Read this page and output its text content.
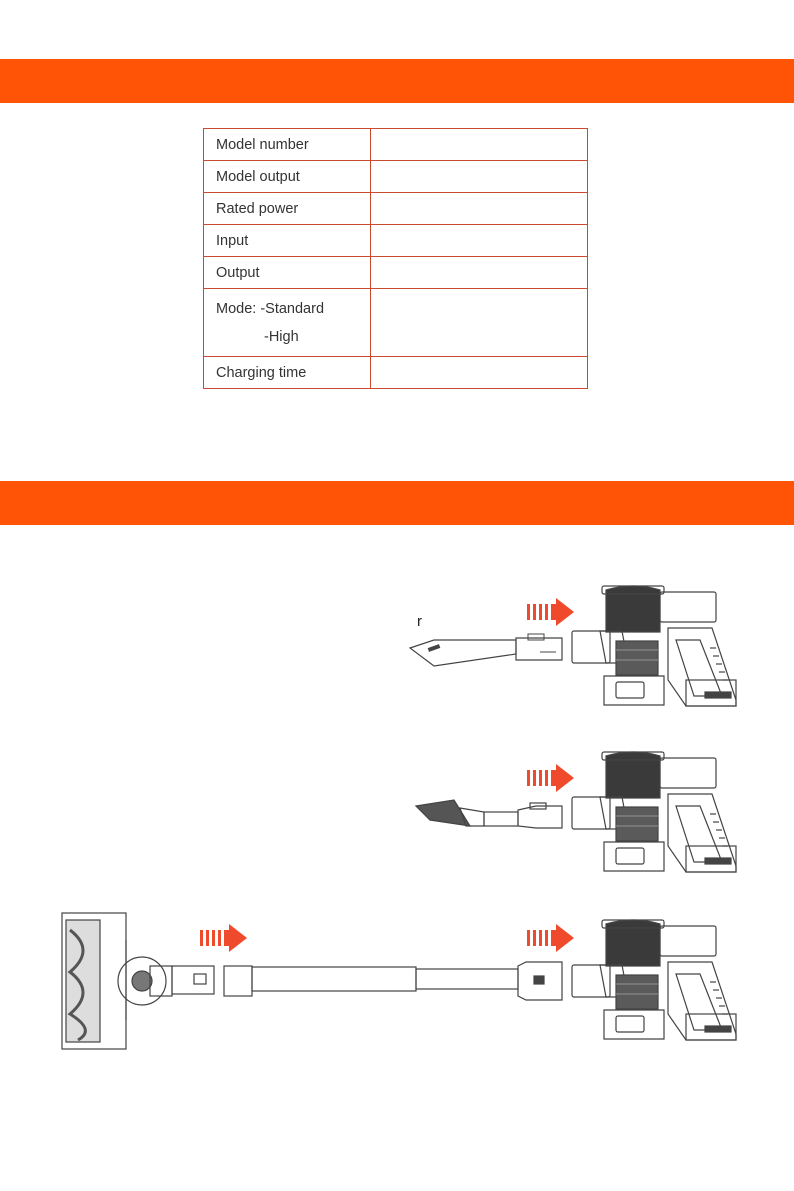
Model number	
Model output	
Rated power	
Input	
Output	

Mode: -Standard
-High	

Charging time	
r
